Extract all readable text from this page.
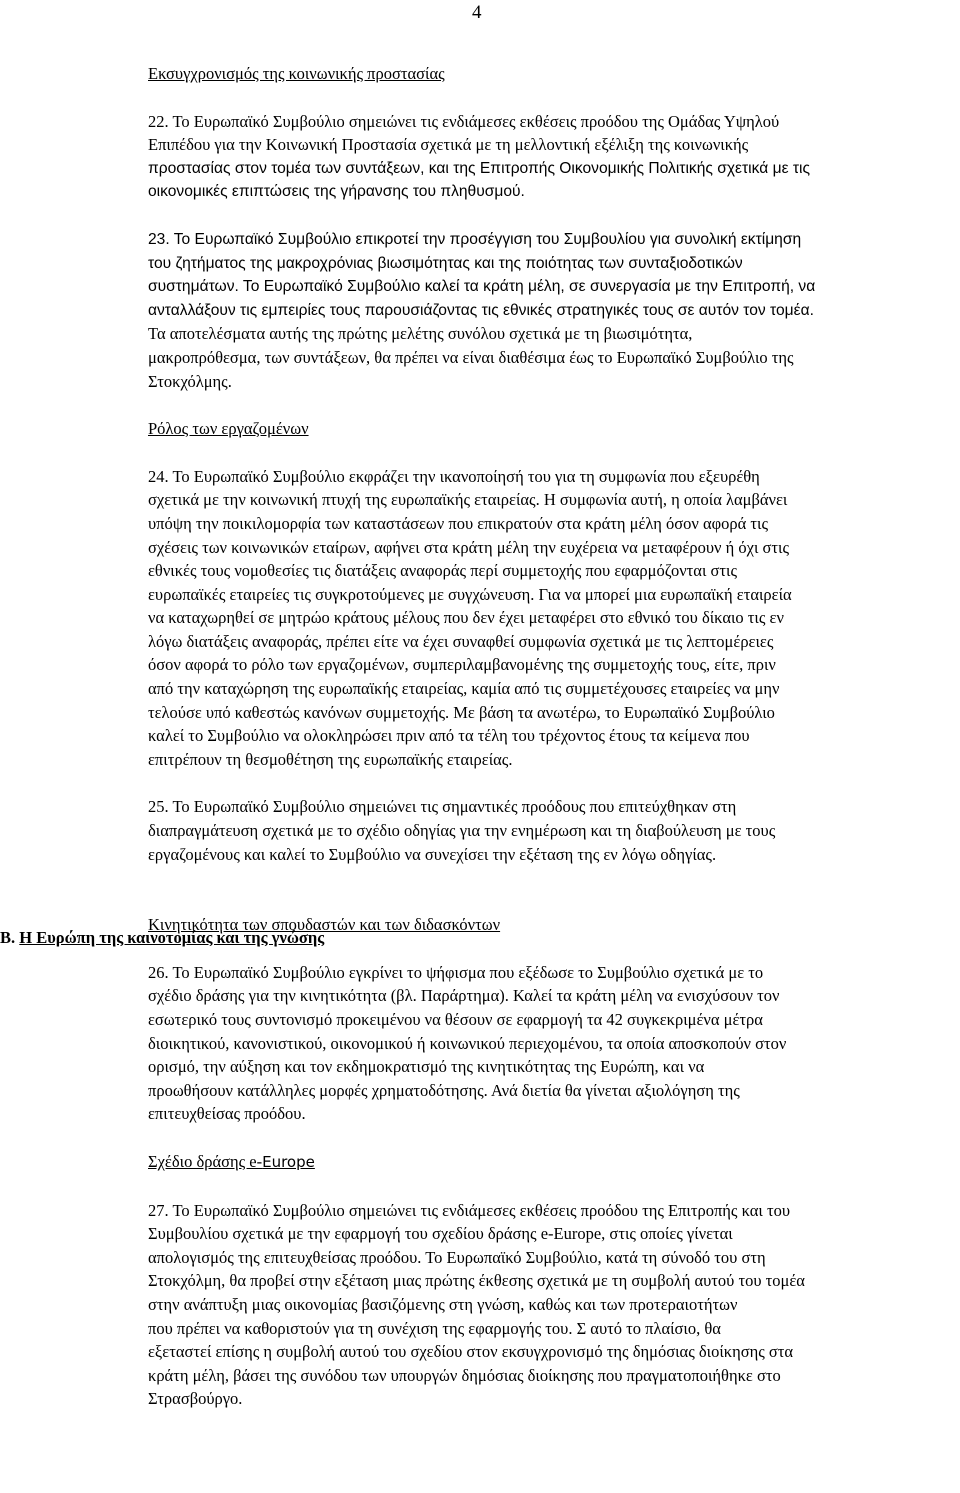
4
B. Η Ευρώπη της καινοτομίας και της γνώσης

Εκσυγχρονισμός της κοινωνικής προστασίας

22. Το Ευρωπαϊκό Συμβούλιο σημειώνει τις ενδιάμεσες εκθέσεις προόδου της Ομάδας Υψηλού
Επιπέδου για την Κοινωνική Προστασία σχετικά με τη μελλοντική εξέλιξη της κοινωνικής
προστασίας στον τομέα των συντάξεων, και της Επιτροπής Οικονομικής Πολιτικής σχετικά με τις
οικονομικές επιπτώσεις της γήρανσης του πληθυσμού.
23. Το Ευρωπαϊκό Συμβούλιο επικροτεί την προσέγγιση του Συμβουλίου για συνολική εκτίμηση
του ζητήματος της μακροχρόνιας βιωσιμότητας και της ποιότητας των συνταξιοδοτικών
συστημάτων. Το Ευρωπαϊκό Συμβούλιο καλεί τα κράτη μέλη, σε συνεργασία με την Επιτροπή, να
ανταλλάξουν τις εμπειρίες τους παρουσιάζοντας τις εθνικές στρατηγικές τους σε αυτόν τον τομέα.
Τα αποτελέσματα αυτής της πρώτης μελέτης συνόλου σχετικά με τη βιωσιμότητα,
μακροπρόθεσμα, των συντάξεων, θα πρέπει να είναι διαθέσιμα έως το Ευρωπαϊκό Συμβούλιο της
Στοκχόλμης.

Ρόλος των εργαζομένων

24. Το Ευρωπαϊκό Συμβούλιο εκφράζει την ικανοποίησή του για τη συμφωνία που εξευρέθη
σχετικά με την κοινωνική πτυχή της ευρωπαϊκής εταιρείας. Η συμφωνία αυτή, η οποία λαμβάνει
υπόψη την ποικιλομορφία των καταστάσεων που επικρατούν στα κράτη μέλη όσον αφορά τις
σχέσεις των κοινωνικών εταίρων, αφήνει στα κράτη μέλη την ευχέρεια να μεταφέρουν ή όχι στις
εθνικές τους νομοθεσίες τις διατάξεις αναφοράς περί συμμετοχής που εφαρμόζονται στις
ευρωπαϊκές εταιρείες τις συγκροτούμενες με συγχώνευση. Για να μπορεί μια ευρωπαϊκή εταιρεία
να καταχωρηθεί σε μητρώο κράτους μέλους που δεν έχει μεταφέρει στο εθνικό του δίκαιο τις εν
λόγω διατάξεις αναφοράς, πρέπει είτε να έχει συναφθεί συμφωνία σχετικά με τις λεπτομέρειες
όσον αφορά το ρόλο των εργαζομένων, συμπεριλαμβανομένης της συμμετοχής τους, είτε, πριν
από την καταχώρηση της ευρωπαϊκής εταιρείας, καμία από τις συμμετέχουσες εταιρείες να μην
τελούσε υπό καθεστώς κανόνων συμμετοχής. Με βάση τα ανωτέρω, το Ευρωπαϊκό Συμβούλιο
καλεί το Συμβούλιο να ολοκληρώσει πριν από τα τέλη του τρέχοντος έτους τα κείμενα που
επιτρέπουν τη θεσμοθέτηση της ευρωπαϊκής εταιρείας.
25. Το Ευρωπαϊκό Συμβούλιο σημειώνει τις σημαντικές προόδους που επιτεύχθηκαν στη
διαπραγμάτευση σχετικά με το σχέδιο οδηγίας για την ενημέρωση και τη διαβούλευση με τους
εργαζομένους και καλεί το Συμβούλιο να συνεχίσει την εξέταση της εν λόγω οδηγίας.

Κινητικότητα των σπουδαστών και των διδασκόντων

26. Το Ευρωπαϊκό Συμβούλιο εγκρίνει το ψήφισμα που εξέδωσε το Συμβούλιο σχετικά με το
σχέδιο δράσης για την κινητικότητα (βλ. Παράρτημα). Καλεί τα κράτη μέλη να ενισχύσουν τον
εσωτερικό τους συντονισμό προκειμένου να θέσουν σε εφαρμογή τα 42 συγκεκριμένα μέτρα
διοικητικού, κανονιστικού, οικονομικού ή κοινωνικού περιεχομένου, τα οποία αποσκοπούν στον
ορισμό, την αύξηση και τον εκδημοκρατισμό της κινητικότητας της Ευρώπη, και να
προωθήσουν κατάλληλες μορφές χρηματοδότησης. Ανά διετία θα γίνεται αξιολόγηση της
επιτευχθείσας προόδου.

Σχέδιο δράσης e-Europe

27. Το Ευρωπαϊκό Συμβούλιο σημειώνει τις ενδιάμεσες εκθέσεις προόδου της Επιτροπής και του
Συμβουλίου σχετικά με την εφαρμογή του σχεδίου δράσης e-Europe, στις οποίες γίνεται
απολογισμός της επιτευχθείσας προόδου. Το Ευρωπαϊκό Συμβούλιο, κατά τη σύνοδό του στη
Στοκχόλμη, θα προβεί στην εξέταση μιας πρώτης έκθεσης σχετικά με τη συμβολή αυτού του τομέα
στην ανάπτυξη μιας οικονομίας βασιζόμενης στη γνώση, καθώς και των προτεραιοτήτων
που πρέπει να καθοριστούν για τη συνέχιση της εφαρμογής του. Σ αυτό το πλαίσιο, θα
εξεταστεί επίσης η συμβολή αυτού του σχεδίου στον εκσυγχρονισμό της δημόσιας διοίκησης στα
κράτη μέλη, βάσει της συνόδου των υπουργών δημόσιας διοίκησης που πραγματοποιήθηκε στο
Στρασβούργο.
